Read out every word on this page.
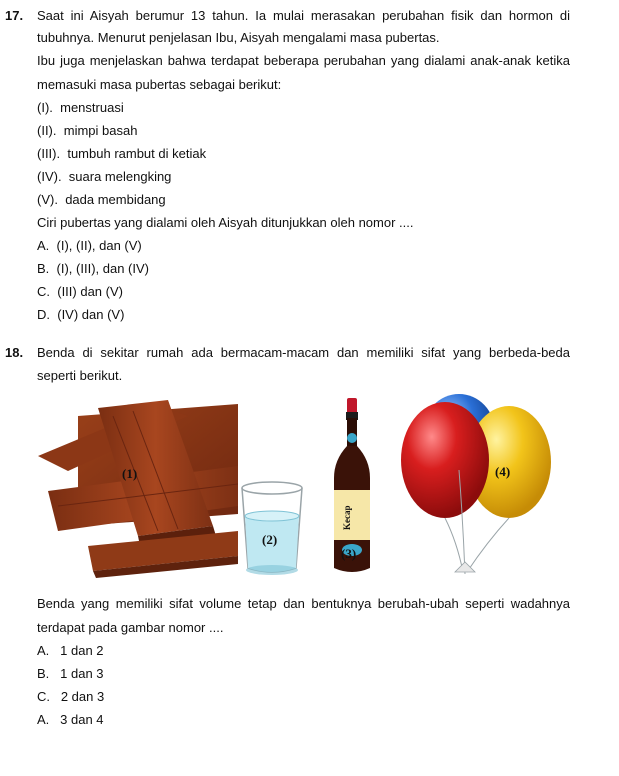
17. Saat ini Aisyah berumur 13 tahun. Ia mulai merasakan perubahan fisik dan hormon di
tubuhnya. Menurut penjelasan Ibu, Aisyah mengalami masa pubertas.
Ibu juga menjelaskan bahwa terdapat beberapa perubahan yang dialami anak-anak ketika
memasuki masa pubertas sebagai berikut:
(I). menstruasi
(II). mimpi basah
(III). tumbuh rambut di ketiak
(IV). suara melengking
(V). dada membidang
Ciri pubertas yang dialami oleh Aisyah ditunjukkan oleh nomor ....
A. (I), (II), dan (V)
B. (I), (III), dan (IV)
C. (III) dan (V)
D. (IV) dan (V)
18. Benda di sekitar rumah ada bermacam-macam dan memiliki sifat yang berbeda-beda
seperti berikut.
(1)
(2)
Kecap
(3)
(4)
Benda yang memiliki sifat volume tetap dan bentuknya berubah-ubah seperti wadahnya
terdapat pada gambar nomor ....
A. 1 dan 2
B. 1 dan 3
C. 2 dan 3
A. 3 dan 4
